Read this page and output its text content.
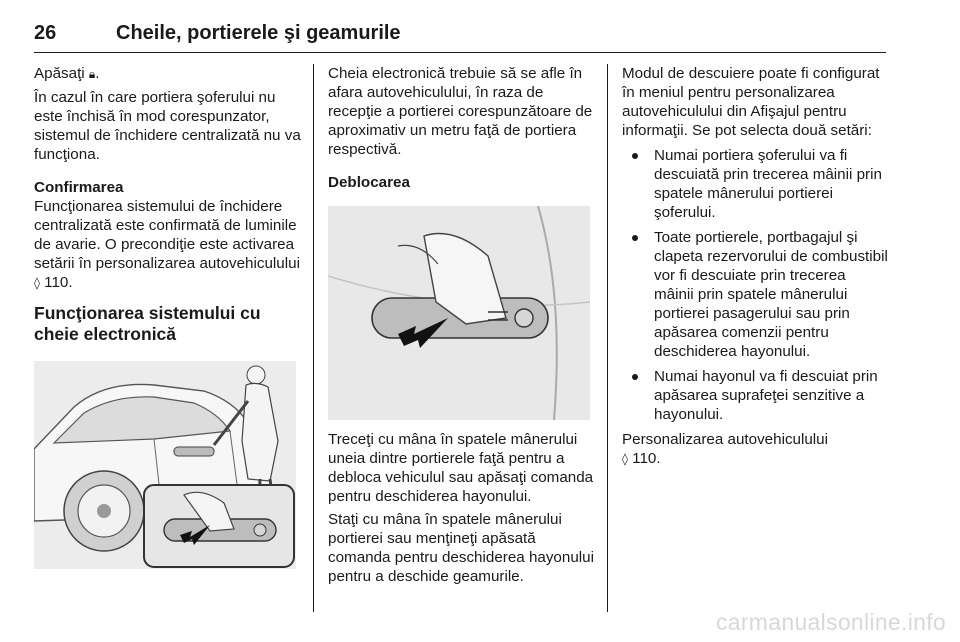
26	Cheile, portierele şi geamurile

Apăsaţi 🔒︎.

În cazul în care portiera şoferului nu este închisă în mod corespunzator, sistemul de închidere centralizată nu va funcţiona.

Confirmarea

Funcţionarea sistemului de închidere centralizată este confirmată de luminile de avarie. O precondiţie este activarea setării în personalizarea autovehiculului ◊ 110.

Funcţionarea sistemului cu cheie electronică

Cheia electronică trebuie să se afle în afara autovehiculului, în raza de recepţie a portierei corespunzătoare de aproximativ un metru faţă de portiera respectivă.

Deblocarea

Treceţi cu mâna în spatele mânerului uneia dintre portierele faţă pentru a debloca vehiculul sau apăsaţi comanda pentru deschiderea hayonului.

Staţi cu mâna în spatele mânerului portierei sau menţineţi apăsată comanda pentru deschiderea hayonului pentru a deschide geamurile.

Modul de descuiere poate fi configurat în meniul pentru personalizarea autovehiculului din Afişajul pentru informaţii. Se pot selecta două setări:

Numai portiera şoferului va fi descuiată prin trecerea mâinii prin spatele mânerului portierei şoferului.
Toate portierele, portbagajul şi clapeta rezervorului de combustibil vor fi descuiate prin trecerea mâinii prin spatele mânerului portierei pasagerului sau prin apăsarea comenzii pentru deschiderea hayonului.
Numai hayonul va fi descuiat prin apăsarea suprafeţei senzitive a hayonului.

Personalizarea autovehiculului
◊ 110.

carmanualsonline.info
